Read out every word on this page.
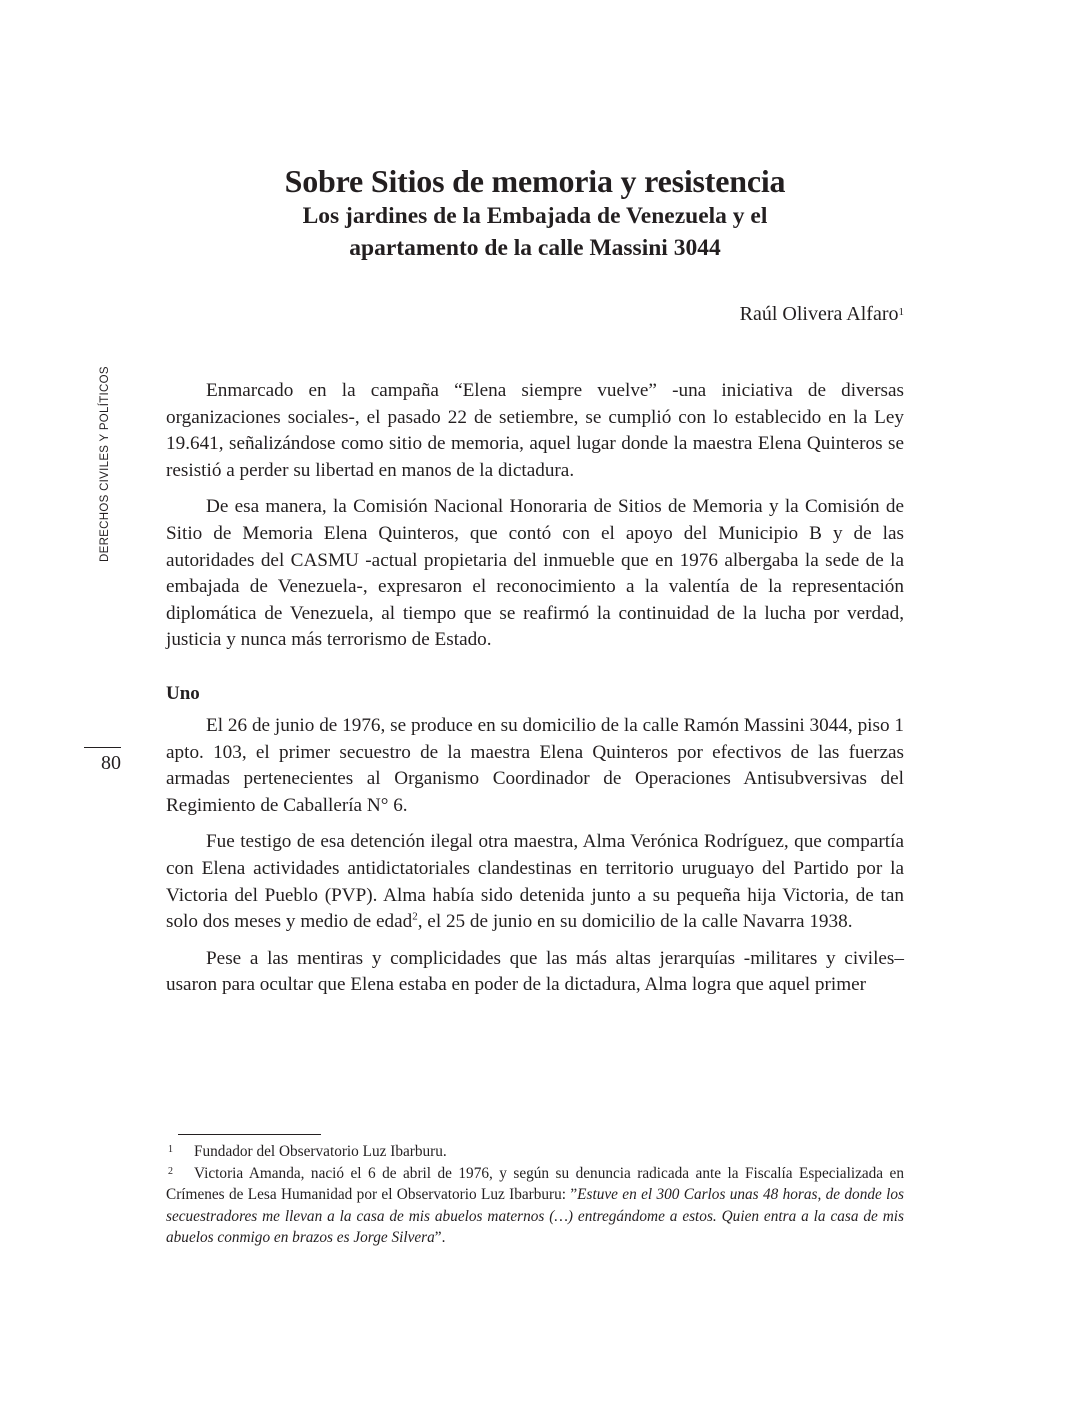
DERECHOS CIVILES Y POLÍTICOS
80
Sobre Sitios de memoria y resistencia
Los jardines de la Embajada de Venezuela y el
apartamento de la calle Massini 3044
Raúl Olivera Alfaro$^1$

Enmarcado en la campaña “Elena siempre vuelve” -una iniciativa de diversas organizaciones sociales-, el pasado 22 de setiembre, se cumplió con lo establecido en la Ley 19.641, señalizándose como sitio de memoria, aquel lugar donde la maestra Elena Quinteros se resistió a perder su libertad en manos de la dictadura.

De esa manera, la Comisión Nacional Honoraria de Sitios de Memoria y la Comisión de Sitio de Memoria Elena Quinteros, que contó con el apoyo del Municipio B y de las autoridades del CASMU -actual propietaria del inmueble que en 1976 albergaba la sede de la embajada de Venezuela-, expresaron el reconocimiento a la valentía de la representación diplomática de Venezuela, al tiempo que se reafirmó la continuidad de la lucha por verdad, justicia y nunca más terrorismo de Estado.

Uno

El 26 de junio de 1976, se produce en su domicilio de la calle Ramón Massini 3044, piso 1 apto. 103, el primer secuestro de la maestra Elena Quinteros por efectivos de las fuerzas armadas pertenecientes al Organismo Coordinador de Operaciones Antisubversivas del Regimiento de Caballería N° 6.

Fue testigo de esa detención ilegal otra maestra, Alma Verónica Rodríguez, que compartía con Elena actividades antidictatoriales clandestinas en territorio uruguayo del Partido por la Victoria del Pueblo (PVP). Alma había sido detenida junto a su pequeña hija Victoria, de tan solo dos meses y medio de edad$^2$, el 25 de junio en su domicilio de la calle Navarra 1938.

Pese a las mentiras y complicidades que las más altas jerarquías -militares y civiles– usaron para ocultar que Elena estaba en poder de la dictadura, Alma logra que aquel primer

1 Fundador del Observatorio Luz Ibarburu.

2 Victoria Amanda, nació el 6 de abril de 1976, y según su denuncia radicada ante la Fiscalía Especializada en Crímenes de Lesa Humanidad por el Observatorio Luz Ibarburu: ”Estuve en el 300 Carlos unas 48 horas, de donde los secuestradores me llevan a la casa de mis abuelos maternos (…) entregándome a estos. Quien entra a la casa de mis abuelos conmigo en brazos es Jorge Silvera”.
